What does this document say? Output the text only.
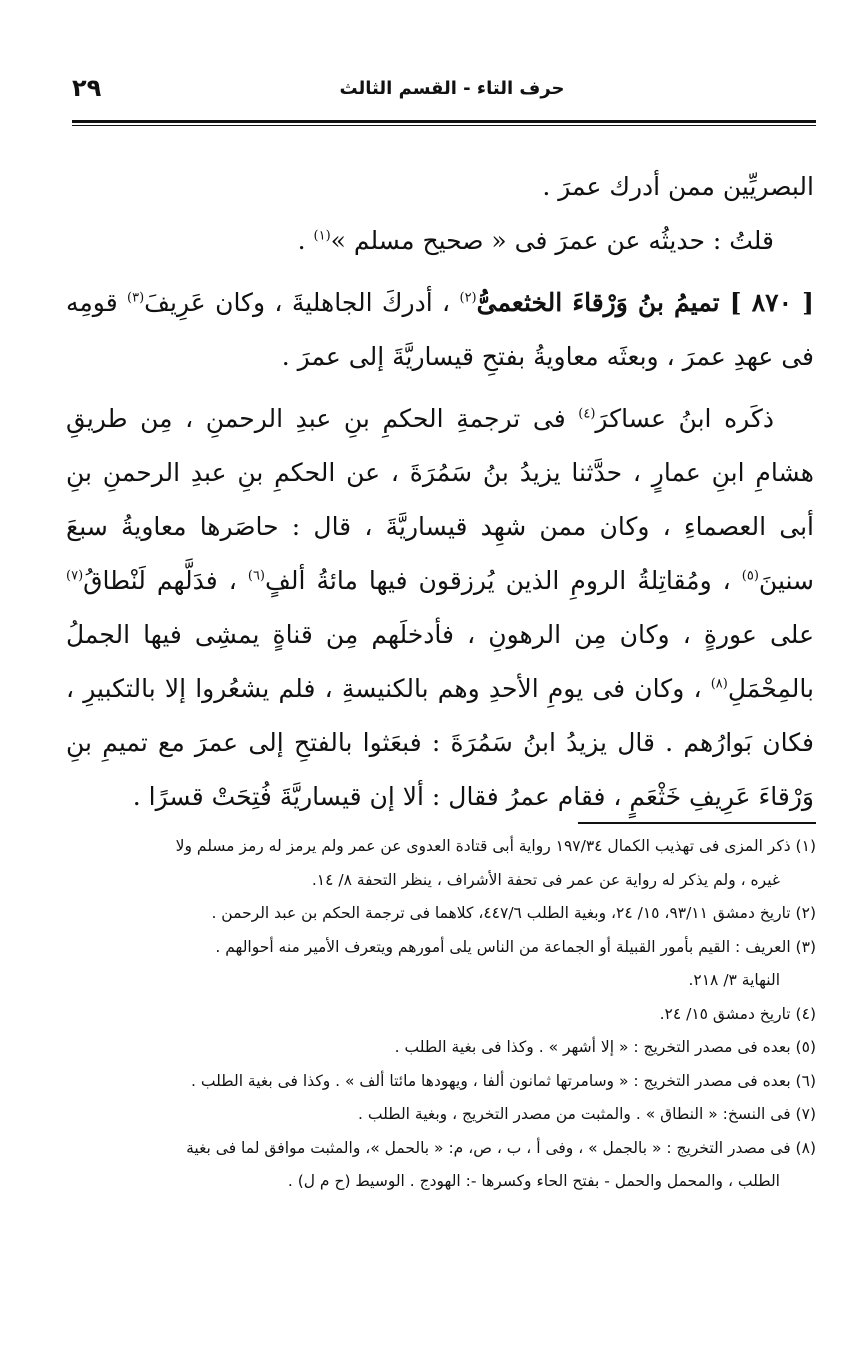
٢٩	حرف التاء - القسم الثالث

البصريِّين ممن أدرك عمرَ .

قلتُ : حديثُه عن عمرَ فى « صحيح مسلم »$^{(١)}$ .

[ ٨٧٠ ] تميمُ بنُ وَرْقاءَ الخثعمىُّ$^{(٢)}$ ، أدركَ الجاهليةَ ، وكان عَرِيفَ$^{(٣)}$ قومِه فى عهدِ عمرَ ، وبعثَه معاويةُ بفتحِ قيساريَّةَ إلى عمرَ .

ذكَره ابنُ عساكرَ$^{(٤)}$ فى ترجمةِ الحكمِ بنِ عبدِ الرحمنِ ، مِن طريقِ هشامِ ابنِ عمارٍ ، حدَّثنا يزيدُ بنُ سَمُرَةَ ، عن الحكمِ بنِ عبدِ الرحمنِ بنِ أبى العصماءِ ، وكان ممن شهِد قيساريَّةَ ، قال : حاصَرها معاويةُ سبعَ سنينَ$^{(٥)}$ ، ومُقاتِلةُ الرومِ الذين يُرزقون فيها مائةُ ألفٍ$^{(٦)}$ ، فدَلَّهم لَنْطاقُ$^{(٧)}$ على عورةٍ ، وكان مِن الرهونِ ، فأدخلَهم مِن قناةٍ يمشِى فيها الجملُ بالمِحْمَلِ$^{(٨)}$ ، وكان فى يومِ الأحدِ وهم بالكنيسةِ ، فلم يشعُروا إلا بالتكبيرِ ، فكان بَوارُهم . قال يزيدُ ابنُ سَمُرَةَ : فبعَثوا بالفتحِ إلى عمرَ مع تميمِ بنِ وَرْقاءَ عَرِيفِ خَثْعَمٍ ، فقام عمرُ فقال : ألا إن قيساريَّةَ فُتِحَتْ قسرًا .

(١) ذكر المزى فى تهذيب الكمال ١٩٧/٣٤ رواية أبى قتادة العدوى عن عمر ولم يرمز له رمز مسلم ولا

غيره ، ولم يذكر له رواية عن عمر فى تحفة الأشراف ، ينظر التحفة ٨/ ١٤.

(٢) تاريخ دمشق ٩٣/١١، ١٥/ ٢٤، وبغية الطلب ٤٤٧/٦، كلاهما فى ترجمة الحكم بن عبد الرحمن .

(٣) العريف : القيم بأمور القبيلة أو الجماعة من الناس يلى أمورهم ويتعرف الأمير منه أحوالهم .

النهاية ٣/ ٢١٨.

(٤) تاريخ دمشق ١٥/ ٢٤.

(٥) بعده فى مصدر التخريج : « إلا أشهر » . وكذا فى بغية الطلب .

(٦) بعده فى مصدر التخريج : « وسامرتها ثمانون ألفا ، ويهودها مائتا ألف » . وكذا فى بغية الطلب .

(٧) فى النسخ: « النطاق » . والمثبت من مصدر التخريج ، وبغية الطلب .

(٨) فى مصدر التخريج : « بالجمل » ، وفى أ ، ب ، ص، م: « بالحمل »، والمثبت موافق لما فى بغية

الطلب ، والمحمل والحمل - بفتح الحاء وكسرها -: الهودج . الوسيط (ح م ل) .
